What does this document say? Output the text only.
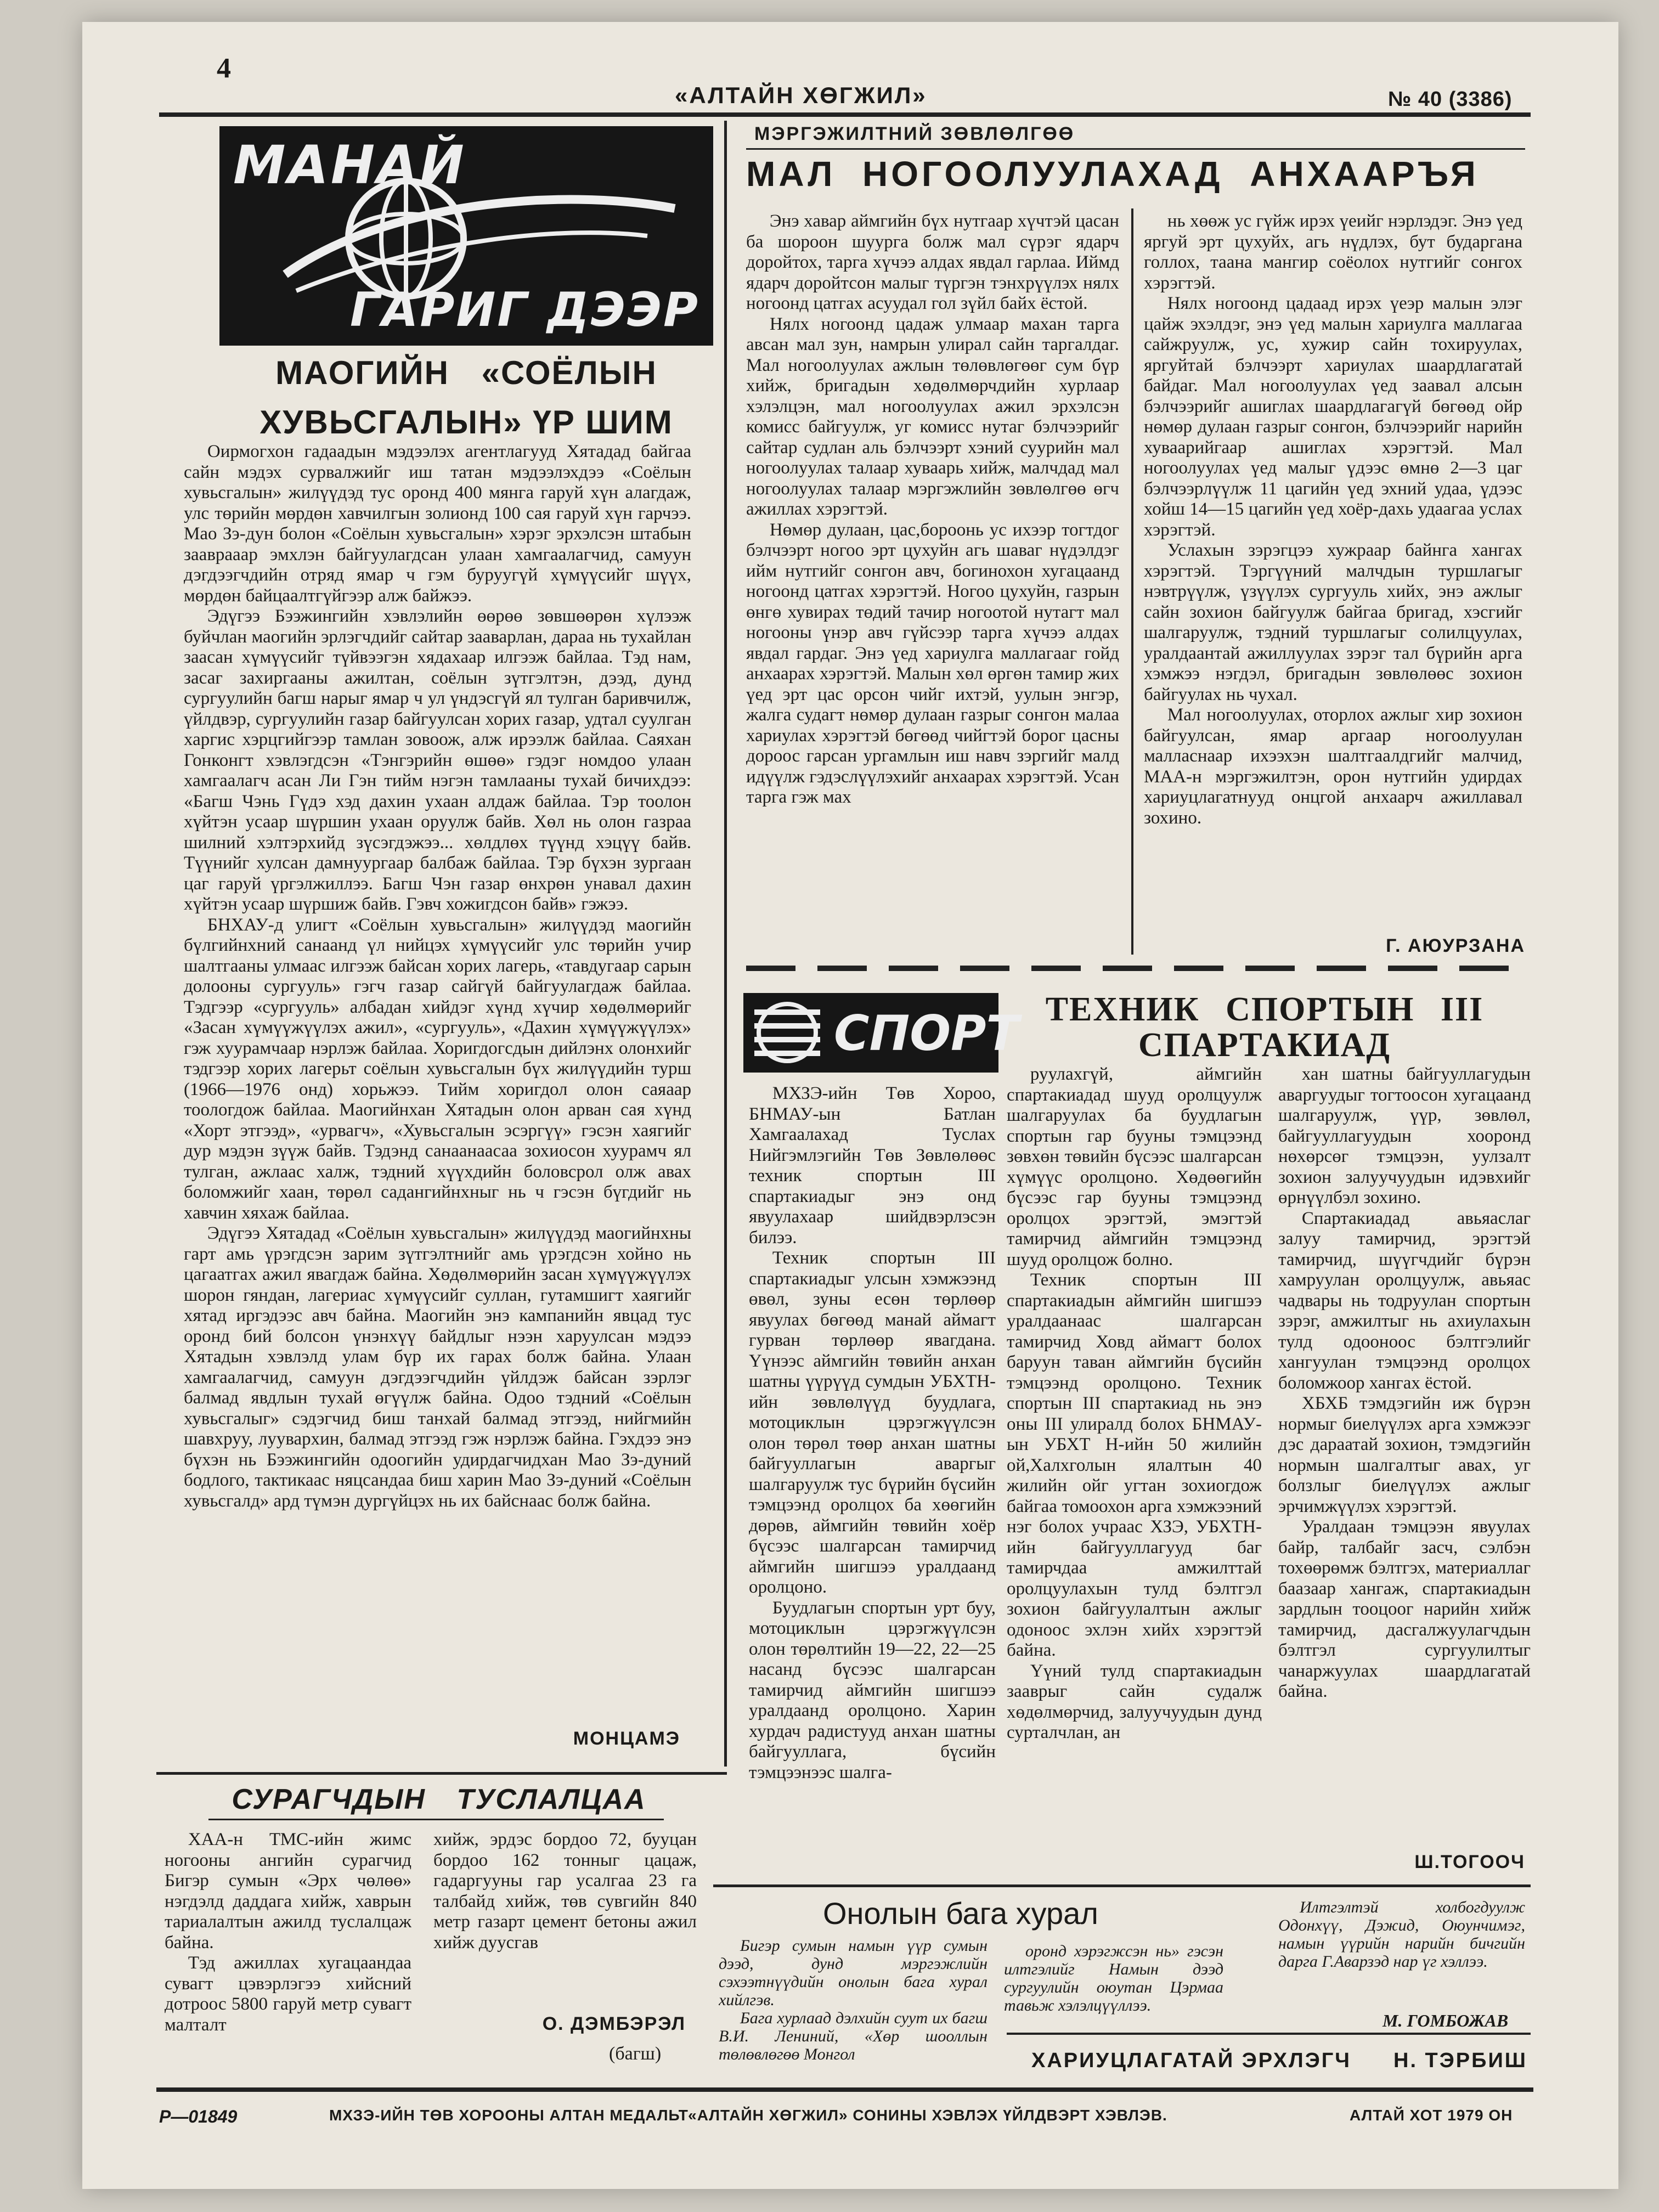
4
«АЛТАЙН ХӨГЖИЛ»	№ 40 (3386)
МАНАЙ
ГАРИГ ДЭЭР
МАОГИЙН «СОЁЛЫН
ХУВЬСГАЛЫН» ҮР ШИМ

Оирмогхон гадаадын мэдээлэх агентлагууд Хятадад байгаа сайн мэдэх сурвалжийг иш татан мэдээлэхдээ «Соёлын хувьсгалын» жилүүдэд тус оронд 400 мянга гаруй хүн алагдаж, улс төрийн мөрдөн хавчилгын золионд 100 сая гаруй хүн гарчээ. Мао Зэ-дун болон «Соёлын хувьсгалын» хэрэг эрхэлсэн штабын зааврааар эмхлэн байгуулагдсан улаан хамгаалагчид, самуун дэгдээгчдийн отряд ямар ч гэм буруугүй хүмүүсийг шүүх, мөрдөн байцаалтгүйгээр алж байжээ.

Эдүгээ Бээжингийн хэвлэлийн өөрөө зөвшөөрөн хүлээж буйчлан маогийн эрлэгчдийг сайтар зааварлан, дараа нь тухайлан заасан хүмүүсийг түйвээгэн хядахаар илгээж байлаа. Тэд нам, засаг захиргааны ажилтан, соёлын зүтгэлтэн, дээд, дунд сургуулийн багш нарыг ямар ч ул үндэсгүй ял тулган баривчилж, үйлдвэр, сургуулийн газар байгуулсан хорих газар, удтал суулган харгис хэрцгийгээр тамлан зовоож, алж ирээлж байлаа. Саяхан Гонконгт хэвлэгдсэн «Тэнгэрийн өшөө» гэдэг номдоо улаан хамгаалагч асан Ли Гэн тийм нэгэн тамлааны тухай бичихдээ: «Багш Чэнь Гүдэ хэд дахин ухаан алдаж байлаа. Тэр тоолон хүйтэн усаар шүршин ухаан оруулж байв. Хөл нь олон газраа шилний хэлтэрхийд зүсэгдэжээ... хөлдлөх түүнд хэцүү байв. Түүнийг хулсан дамнуургаар балбаж байлаа. Тэр бүхэн зургаан цаг гаруй үргэлжиллээ. Багш Чэн газар өнхрөн унавал дахин хүйтэн усаар шүршиж байв. Гэвч хожигдсон байв» гэжээ.

БНХАУ-д улигт «Соёлын хувьсгалын» жилүүдэд маогийн бүлгийнхний санаанд үл нийцэх хүмүүсийг улс төрийн учир шалтгааны улмаас илгээж байсан хорих лагерь, «тавдугаар сарын долооны сургууль» гэгч газар сайгүй байгуулагдаж байлаа. Тэдгээр «сургууль» албадан хийдэг хүнд хүчир хөдөлмөрийг «Засан хүмүүжүүлэх ажил», «сургууль», «Дахин хүмүүжүүлэх» гэж хуурамчаар нэрлэж байлаа. Хоригдогсдын дийлэнх олонхийг тэдгээр хорих лагерьт соёлын хувьсгалын бүх жилүүдийн турш (1966—1976 онд) хорьжээ. Тийм хоригдол олон саяаар тоологдож байлаа. Маогийнхан Хятадын олон арван сая хүнд «Хорт этгээд», «урвагч», «Хувьсгалын эсэргүү» гэсэн хаягийг дур мэдэн зүүж байв. Тэдэнд санаанаасаа зохиосон хуурамч ял тулган, ажлаас халж, тэдний хүүхдийн боловсрол олж авах боломжийг хаан, төрөл садангийнхныг нь ч гэсэн бүгдийг нь хавчин хяхаж байлаа.

Эдүгээ Хятадад «Соёлын хувьсгалын» жилүүдэд маогийнхны гарт амь үрэгдсэн зарим зүтгэлтнийг амь үрэгдсэн хойно нь цагаатгах ажил явагдаж байна. Хөдөлмөрийн засан хүмүүжүүлэх шорон гяндан, лагериас хүмүүсийг суллан, гутамшигт хаягийг хятад иргэдээс авч байна. Маогийн энэ кампанийн явцад тус оронд бий болсон үнэнхүү байдлыг нээн харуулсан мэдээ Хятадын хэвлэлд улам бүр их гарах болж байна. Улаан хамгаалагчид, самуун дэгдээгчдийн үйлдэж байсан зэрлэг балмад явдлын тухай өгүүлж байна. Одоо тэдний «Соёлын хувьсгалыг» сэдэгчид биш танхай балмад этгээд, нийгмийн шавхруу, луувархин, балмад этгээд гэж нэрлэж байна. Гэхдээ энэ бүхэн нь Бээжингийн одоогийн удирдагчидхан Мао Зэ-дуний бодлого, тактикаас няцсандаа биш харин Мао Зэ-дуний «Соёлын хувьсгалд» ард түмэн дургүйцэх нь их байснаас болж байна.

МОНЦАМЭ
МЭРГЭЖИЛТНИЙ ЗӨВЛӨЛГӨӨ
МАЛ НОГООЛУУЛАХАД АНХААРЪЯ

Энэ хавар аймгийн бүх нутгаар хүчтэй цасан ба шороон шуурга болж мал сүрэг ядарч доройтох, тарга хүчээ алдах явдал гарлаа. Иймд ядарч доройтсон малыг түргэн тэнхрүүлэх нялх ногоонд цатгах асуудал гол зүйл байх ёстой.

Нялх ногоонд цадаж улмаар махан тарга авсан мал зун, намрын улирал сайн таргалдаг. Мал ногоолуулах ажлын төлөвлөгөөг сум бүр хийж, бригадын хөдөлмөрчдийн хурлаар хэлэлцэн, мал ногоолуулах ажил эрхэлсэн комисс байгуулж, уг комисс нутаг бэлчээрийг сайтар судлан аль бэлчээрт хэний суурийн мал ногоолуулах талаар хуваарь хийж, малчдад мал ногоолуулах талаар мэргэжлийн зөвлөлгөө өгч ажиллах хэрэгтэй.

Нөмөр дулаан, цас,бороонь ус ихээр тогтдог бэлчээрт ногоо эрт цухуйн агь шаваг нүдэлдэг ийм нутгийг сонгон авч, богинохон хугацаанд ногоонд цатгах хэрэгтэй. Ногоо цухуйн, газрын өнгө хувирах төдий тачир ногоотой нутагт мал ногооны үнэр авч гүйсээр тарга хүчээ алдах явдал гардаг. Энэ үед хариулга маллагааг гойд анхаарах хэрэгтэй. Малын хөл өргөн тамир жих үед эрт цас орсон чийг ихтэй, уулын энгэр, жалга судагт нөмөр дулаан газрыг сонгон малаа хариулах хэрэгтэй бөгөөд чийгтэй борог цасны дороос гарсан ургамлын иш навч зэргийг малд идүүлж гэдэслүүлэхийг анхаарах хэрэгтэй. Усан тарга гэж мах

нь хөөж ус гүйж ирэх үеийг нэрлэдэг. Энэ үед яргуй эрт цухуйх, агь нүдлэх, бут бударгана голлох, таана мангир соёолох нутгийг сонгох хэрэгтэй.

Нялх ногоонд цадаад ирэх үеэр малын элэг цайж эхэлдэг, энэ үед малын хариулга маллагаа сайжруулж, ус, хужир сайн тохируулах, яргуйтай бэлчээрт хариулах шаардлагатай байдаг. Мал ногоолуулах үед заавал алсын бэлчээрийг ашиглах шаардлагагүй бөгөөд ойр нөмөр дулаан газрыг сонгон, бэлчээрийг нарийн хуваарийгаар ашиглах хэрэгтэй. Мал ногоолуулах үед малыг үдээс өмнө 2—3 цаг бэлчээрлүүлж 11 цагийн үед эхний удаа, үдээс хойш 14—15 цагийн үед хоёр-дахь удаагаа услах хэрэгтэй.

Услахын зэрэгцээ хужраар байнга хангах хэрэгтэй. Тэргүүний малчдын туршлагыг нэвтрүүлж, үзүүлэх сургууль хийх, энэ ажлыг сайн зохион байгуулж байгаа бригад, хэсгийг шалгаруулж, тэдний туршлагыг солилцуулах, уралдаантай ажиллуулах зэрэг тал бүрийн арга хэмжээ нэгдэл, бригадын зөвлөлөөс зохион байгуулах нь чухал.

Мал ногоолуулах, оторлох ажлыг хир зохион байгуулсан, ямар аргаар ногоолуулан малласнаар ихээхэн шалтгаалдгийг малчид, МАА-н мэргэжилтэн, орон нутгийн удирдах хариуцлагатнууд онцгой анхаарч ажиллавал зохино.

Г. АЮУРЗАНА
СПОРТ ТЕХНИК СПОРТЫН III
СПАРТАКИАД

МХЗЭ-ийн Төв Хороо, БНМАУ-ын Батлан Хамгаалахад Туслах Нийгэмлэгийн Төв Зөвлөлөөс техник спортын III спартакиадыг энэ онд явуулахаар шийдвэрлэсэн билээ.

Техник спортын III спартакиадыг улсын хэмжээнд өвөл, зуны есөн төрлөөр явуулах бөгөөд манай аймагт гурван төрлөөр явагдана. Үүнээс аймгийн төвийн анхан шатны үүрүүд сумдын УБХТН-ийн зөвлөлүүд буудлага, мотоциклын цэрэгжүүлсэн олон төрөл төөр анхан шатны байгууллагын аваргыг шалгаруулж тус бүрийн бүсийн тэмцээнд оролцох ба хөөгийн дөрөв, аймгийн төвийн хоёр бүсээс шалгарсан тамирчид аймгийн шигшээ уралдаанд оролцоно.

Буудлагын спортын урт буу, мотоциклын цэрэгжүүлсэн олон төрөлтийн 19—22, 22—25 насанд бүсээс шалгарсан тамирчид аймгийн шигшээ уралдаанд оролцоно. Харин хурдач радистууд анхан шатны байгууллага, бүсийн тэмцээнээс шалга-

руулахгүй, аймгийн спартакиадад шууд оролцуулж шалгаруулах ба буудлагын спортын гар бууны тэмцээнд зөвхөн төвийн бүсээс шалгарсан хүмүүс оролцоно. Хөдөөгийн бүсээс гар бууны тэмцээнд оролцох эрэгтэй, эмэгтэй тамирчид аймгийн тэмцээнд шууд оролцож болно.

Техник спортын III спартакиадын аймгийн шигшээ уралдаанаас шалгарсан тамирчид Ховд аймагт болох баруун таван аймгийн бүсийн тэмцээнд оролцоно. Техник спортын III спартакиад нь энэ оны III улиралд болох БНМАУ-ын УБХТ Н-ийн 50 жилийн ой,Халхголын ялалтын 40 жилийн ойг угтан зохиогдож байгаа томоохон арга хэмжээний нэг болох учраас ХЗЭ, УБХТН-ийн байгууллагууд баг тамирчдаа амжилттай оролцуулахын тулд бэлтгэл зохион байгуулалтын ажлыг одоноос эхлэн хийх хэрэгтэй байна.

Үүний тулд спартакиадын зааврыг сайн судалж хөдөлмөрчид, залуучуудын дунд сурталчлан, ан

хан шатны байгууллагудын аваргуудыг тогтоосон хугацаанд шалгаруулж, үүр, зөвлөл, байгууллагуудын хооронд нөхөрсөг тэмцээн, уулзалт зохион залуучуудын идэвхийг өрнүүлбэл зохино.

Спартакиадад авьяаслаг залуу тамирчид, эрэгтэй тамирчид, шүүгчдийг бүрэн хамруулан оролцуулж, авьяас чадвары нь тодруулан спортын зэрэг, амжилтыг нь ахиулахын тулд одооноос бэлтгэлийг хангуулан тэмцээнд оролцох боломжоор хангах ёстой.

ХБХБ тэмдэгийн иж бүрэн нормыг биелүүлэх арга хэмжээг дэс дараатай зохион, тэмдэгийн нормын шалгалтыг авах, уг болзлыг биелүүлэх ажлыг эрчимжүүлэх хэрэгтэй.

Уралдаан тэмцээн явуулах байр, талбайг засч, сэлбэн тохөөрөмж бэлтгэх, материаллаг баазаар хангаж, спартакиадын зардлын тооцоог нарийн хийж тамирчид, дасгалжуулагчдын бэлтгэл сургуулилтыг чанаржуулах шаардлагатай байна.

Ш.ТОГООЧ
СУРАГЧДЫН ТУСЛАЛЦАА

ХАА-н ТМС-ийн жимс ногооны ангийн сурагчид Бигэр сумын «Эрх чөлөө» нэгдэлд даддага хийж, хаврын тариалалтын ажилд туслалцаж байна.

Тэд ажиллах хугацаандаа сувагт цэвэрлэгээ хийсний дотроос 5800 гаруй метр сувагт малталт

хийж, эрдэс бордоо 72, бууцан бордоо 162 тонныг цацаж, гадаргууны гар усалгаа 23 га талбайд хийж, төв сувгийн 840 метр газарт цемент бетоны ажил хийж дуусгав

О. ДЭМБЭРЭЛ
(багш)
Онолын бага хурал

Бигэр сумын намын үүр сумын дээд, дунд мэргэжлийн сэхээтнүүдийн онолын бага хурал хийлгэв.

Бага хурлаад дэлхийн суут их багш В.И. Лениний, «Хөр шооллын төлөвлөгөө Монгол

оронд хэрэгжсэн нь» гэсэн илтгэлийг Намын дээд сургуулийн оюутан Цэрмаа тавьж хэлэлцүүллээ.

Илтгэлтэй холбогдуулж Одонхүү, Дэжид, Оюунчимэг, намын үүрийн нарийн бичгийн дарга Г.Аварзэд нар үг хэллээ.

М. ГОМБОЖАВ
ХАРИУЦЛАГАТАЙ ЭРХЛЭГЧ Н. ТЭРБИШ
Р—01849	МХЗЭ-ИЙН ТӨВ ХОРООНЫ АЛТАН МЕДАЛЬТ«АЛТАЙН ХӨГЖИЛ» СОНИНЫ ХЭВЛЭХ ҮЙЛДВЭРТ ХЭВЛЭВ.	АЛТАЙ ХОТ 1979 ОН
